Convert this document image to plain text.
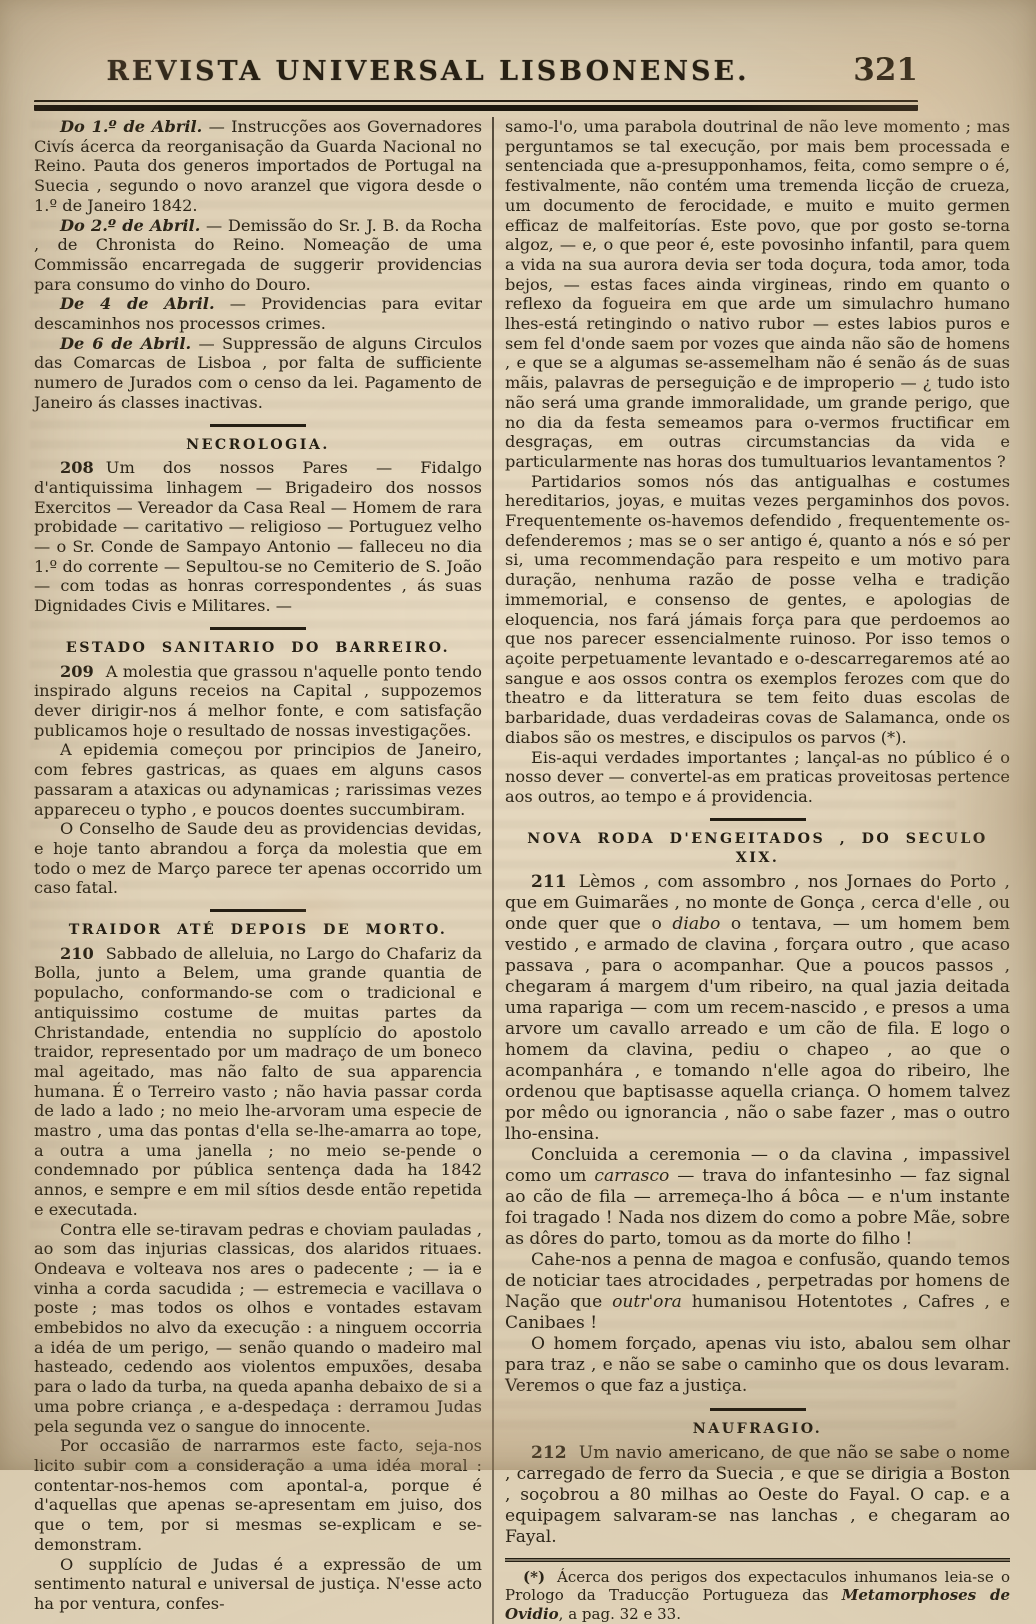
REVISTA UNIVERSAL LISBONENSE.	321

Do 1.º de Abril. — Instrucções aos Governadores Civís ácerca da reorganisação da Guarda Nacional no Reino. Pauta dos generos importados de Portugal na Suecia , segundo o novo aranzel que vigora desde o 1.º de Janeiro 1842.

Do 2.º de Abril. — Demissão do Sr. J. B. da Rocha , de Chronista do Reino. Nomeação de uma Commissão encarregada de suggerir providencias para consumo do vinho do Douro.

De 4 de Abril. — Providencias para evitar descaminhos nos processos crimes.

De 6 de Abril. — Suppressão de alguns Circulos das Comarcas de Lisboa , por falta de sufficiente numero de Jurados com o censo da lei. Pagamento de Janeiro ás classes inactivas.

NECROLOGIA.

208 Um dos nossos Pares — Fidalgo d'antiquissima linhagem — Brigadeiro dos nossos Exercitos — Vereador da Casa Real — Homem de rara probidade — caritativo — religioso — Portuguez velho — o Sr. Conde de Sampayo Antonio — falleceu no dia 1.º do corrente — Sepultou-se no Cemiterio de S. João — com todas as honras correspondentes , ás suas Dignidades Civis e Militares. —

ESTADO SANITARIO DO BARREIRO.

209 A molestia que grassou n'aquelle ponto tendo inspirado alguns receios na Capital , suppozemos dever dirigir-nos á melhor fonte, e com satisfação publicamos hoje o resultado de nossas investigações.

A epidemia começou por principios de Janeiro, com febres gastricas, as quaes em alguns casos passaram a ataxicas ou adynamicas ; rarissimas vezes appareceu o typho , e poucos doentes succumbiram.

O Conselho de Saude deu as providencias devidas, e hoje tanto abrandou a força da molestia que em todo o mez de Março parece ter apenas occorrido um caso fatal.

TRAIDOR ATÉ DEPOIS DE MORTO.

210 Sabbado de alleluia, no Largo do Chafariz da Bolla, junto a Belem, uma grande quantia de populacho, conformando-se com o tradicional e antiquissimo costume de muitas partes da Christandade, entendia no supplício do apostolo traidor, representado por um madraço de um boneco mal ageitado, mas não falto de sua apparencia humana. É o Terreiro vasto ; não havia passar corda de lado a lado ; no meio lhe-arvoram uma especie de mastro , uma das pontas d'ella se-lhe-amarra ao tope, a outra a uma janella ; no meio se-pende o condemnado por pública sentença dada ha 1842 annos, e sempre e em mil sítios desde então repetida e executada.

Contra elle se-tiravam pedras e choviam pauladas , ao som das injurias classicas, dos alaridos rituaes. Ondeava e volteava nos ares o padecente ; — ia e vinha a corda sacudida ; — estremecia e vacillava o poste ; mas todos os olhos e vontades estavam embebidos no alvo da execução : a ninguem occorria a idéa de um perigo, — senão quando o madeiro mal hasteado, cedendo aos violentos empuxões, desaba para o lado da turba, na queda apanha debaixo de si a uma pobre criança , e a-despedaça : derramou Judas pela segunda vez o sangue do innocente.

Por occasião de narrarmos este facto, seja-nos licito subir com a consideração a uma idéa moral : contentar-nos-hemos com apontal-a, porque é d'aquellas que apenas se-apresentam em juiso, dos que o tem, por si mesmas se-explicam e se-demonstram.

O supplício de Judas é a expressão de um sentimento natural e universal de justiça. N'esse acto ha por ventura, confes-

samo-l'o, uma parabola doutrinal de não leve momento ; mas perguntamos se tal execução, por mais bem processada e sentenciada que a-presupponhamos, feita, como sempre o é, festivalmente, não contém uma tremenda licção de crueza, um documento de ferocidade, e muito e muito germen efficaz de malfeitorías. Este povo, que por gosto se-torna algoz, — e, o que peor é, este povosinho infantil, para quem a vida na sua aurora devia ser toda doçura, toda amor, toda bejos, — estas faces ainda virgineas, rindo em quanto o reflexo da fogueira em que arde um simulachro humano lhes-está retingindo o nativo rubor — estes labios puros e sem fel d'onde saem por vozes que ainda não são de homens , e que se a algumas se-assemelham não é senão ás de suas mãis, palavras de perseguição e de improperio — ¿ tudo isto não será uma grande immoralidade, um grande perigo, que no dia da festa semeamos para o-vermos fructificar em desgraças, em outras circumstancias da vida e particularmente nas horas dos tumultuarios levantamentos ?

Partidarios somos nós das antigualhas e costumes hereditarios, joyas, e muitas vezes pergaminhos dos povos. Frequentemente os-havemos defendido , frequentemente os-defenderemos ; mas se o ser antigo é, quanto a nós e só per si, uma recommendação para respeito e um motivo para duração, nenhuma razão de posse velha e tradição immemorial, e consenso de gentes, e apologias de eloquencia, nos fará jámais força para que perdoemos ao que nos parecer essencialmente ruinoso. Por isso temos o açoite perpetuamente levantado e o-descarregaremos até ao sangue e aos ossos contra os exemplos ferozes com que do theatro e da litteratura se tem feito duas escolas de barbaridade, duas verdadeiras covas de Salamanca, onde os diabos são os mestres, e discipulos os parvos (*).

Eis-aqui verdades importantes ; lançal-as no público é o nosso dever — convertel-as em praticas proveitosas pertence aos outros, ao tempo e á providencia.

NOVA RODA D'ENGEITADOS , DO SECULO XIX.

211 Lèmos , com assombro , nos Jornaes do Porto , que em Guimarães , no monte de Gonça , cerca d'elle , ou onde quer que o diabo o tentava, — um homem bem vestido , e armado de clavina , forçara outro , que acaso passava , para o acompanhar. Que a poucos passos , chegaram á margem d'um ribeiro, na qual jazia deitada uma rapariga — com um recem-nascido , e presos a uma arvore um cavallo arreado e um cão de fila. E logo o homem da clavina, pediu o chapeo , ao que o acompanhára , e tomando n'elle agoa do ribeiro, lhe ordenou que baptisasse aquella criança. O homem talvez por mêdo ou ignorancia , não o sabe fazer , mas o outro lho-ensina.

Concluida a ceremonia — o da clavina , impassivel como um carrasco — trava do infantesinho — faz signal ao cão de fila — arremeça-lho á bôca — e n'um instante foi tragado ! Nada nos dizem do como a pobre Mãe, sobre as dôres do parto, tomou as da morte do filho !

Cahe-nos a penna de magoa e confusão, quando temos de noticiar taes atrocidades , perpetradas por homens de Nação que outr'ora humanisou Hotentotes , Cafres , e Canibaes !

O homem forçado, apenas viu isto, abalou sem olhar para traz , e não se sabe o caminho que os dous levaram. Veremos o que faz a justiça.

NAUFRAGIO.

212 Um navio americano, de que não se sabe o nome , carregado de ferro da Suecia , e que se dirigia a Boston , soçobrou a 80 milhas ao Oeste do Fayal. O cap. e a equipagem salvaram-se nas lanchas , e chegaram ao Fayal.

(*) Ácerca dos perigos dos expectaculos inhumanos leia-se o Prologo da Traducção Portugueza das Metamorphoses de Ovidio, a pag. 32 e 33.
